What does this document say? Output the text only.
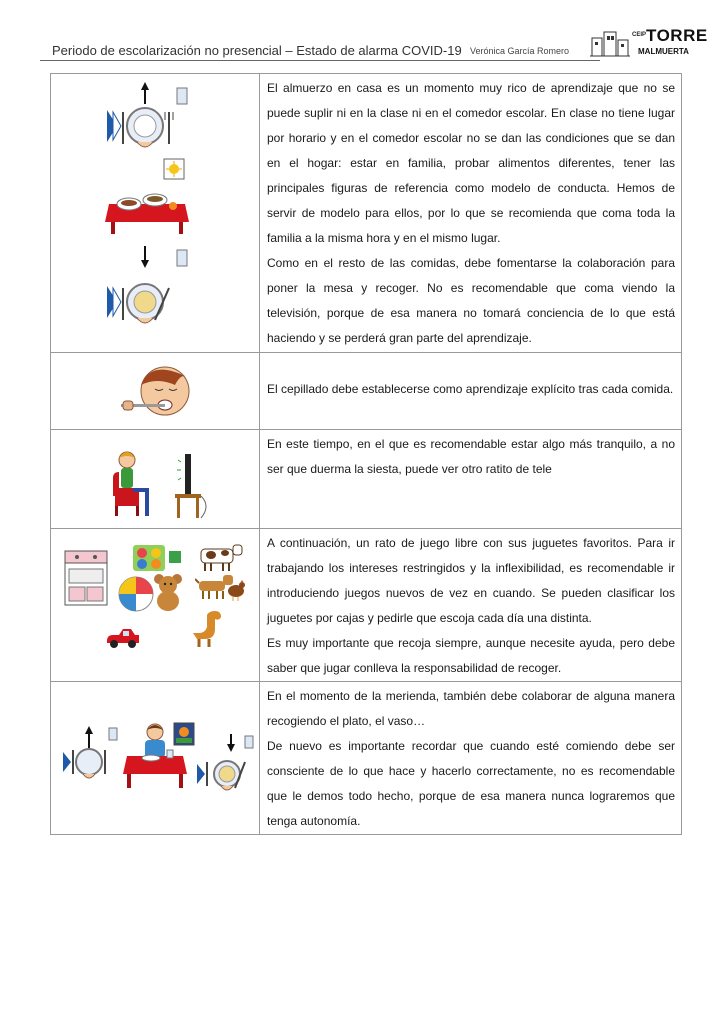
Periodo de escolarización no presencial – Estado de alarma COVID-19 Verónica García Romero
CEIP TORRE
MALMUERTA

El almuerzo en casa es un momento muy rico de aprendizaje que no se puede suplir ni en la clase ni en el comedor escolar. En clase no tiene lugar por horario y en el comedor escolar no se dan las condiciones que se dan en el hogar: estar en familia, probar alimentos diferentes, tener las principales figuras de referencia como modelo de conducta. Hemos de servir de modelo para ellos, por lo que se recomienda que coma toda la familia a la misma hora y en el mismo lugar.

Como en el resto de las comidas, debe fomentarse la colaboración para poner la mesa y recoger. No es recomendable que coma viendo la televisión, porque de esa manera no tomará conciencia de lo que está haciendo y se perderá gran parte del aprendizaje.

El cepillado debe establecerse como aprendizaje explícito tras cada comida.

En este tiempo, en el que es recomendable estar algo más tranquilo, a no ser que duerma la siesta, puede ver otro ratito de tele

A continuación, un rato de juego libre con sus juguetes favoritos. Para ir trabajando los intereses restringidos y la inflexibilidad, es recomendable ir introduciendo juegos nuevos de vez en cuando. Se pueden clasificar los juguetes por cajas y pedirle que escoja cada día una distinta.

Es muy importante que recoja siempre, aunque necesite ayuda, pero debe saber que jugar conlleva la responsabilidad de recoger.

En el momento de la merienda, también debe colaborar de alguna manera recogiendo el plato, el vaso…

De nuevo es importante recordar que cuando esté comiendo debe ser consciente de lo que hace y hacerlo correctamente, no es recomendable que le demos todo hecho, porque de esa manera nunca lograremos que tenga autonomía.
